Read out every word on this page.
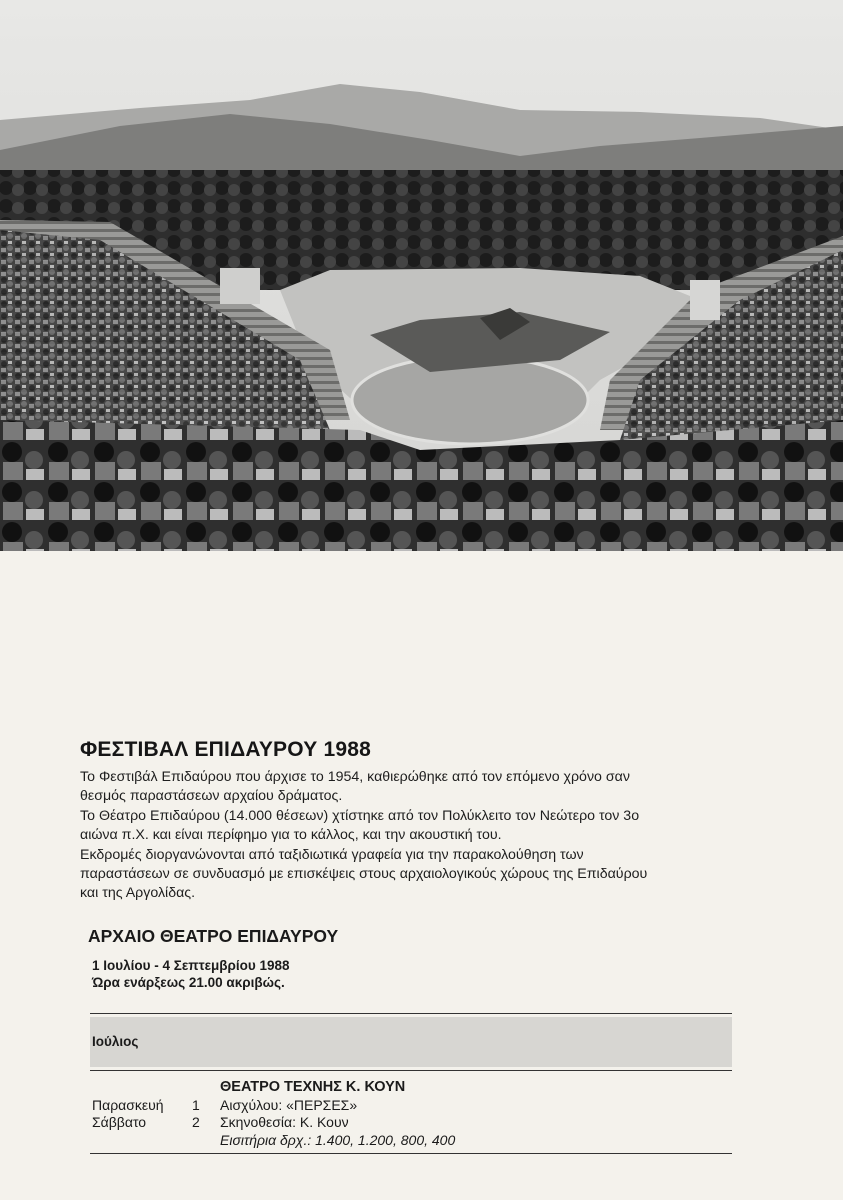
ΦΕΣΤΙΒΑΛ ΕΠΙΔΑΥΡΟΥ 1988

Το Φεστιβάλ Επιδαύρου που άρχισε το 1954, καθιερώθηκε από τον επόμενο χρόνο σαν

θεσμός παραστάσεων αρχαίου δράματος.

Το Θέατρο Επιδαύρου (14.000 θέσεων) χτίστηκε από τον Πολύκλειτο τον Νεώτερο τον 3ο

αιώνα π.Χ. και είναι περίφημο για το κάλλος, και την ακουστική του.

Εκδρομές διοργανώνονται από ταξιδιωτικά γραφεία για την παρακολούθηση των

παραστάσεων σε συνδυασμό με επισκέψεις στους αρχαιολογικούς χώρους της Επιδαύρου

και της Αργολίδας.

ΑΡΧΑΙΟ ΘΕΑΤΡΟ ΕΠΙΔΑΥΡΟΥ
1 Ιουλίου - 4 Σεπτεμβρίου 1988
Ώρα ενάρξεως 21.00 ακριβώς.
Ιούλιος
ΘΕΑΤΡΟ ΤΕΧΝΗΣ Κ. ΚΟΥΝ
Παρασκευή	1
Σάββατο	2
Αισχύλου: «ΠΕΡΣΕΣ»
Σκηνοθεσία: Κ. Κουν
Εισιτήρια δρχ.: 1.400, 1.200, 800, 400
